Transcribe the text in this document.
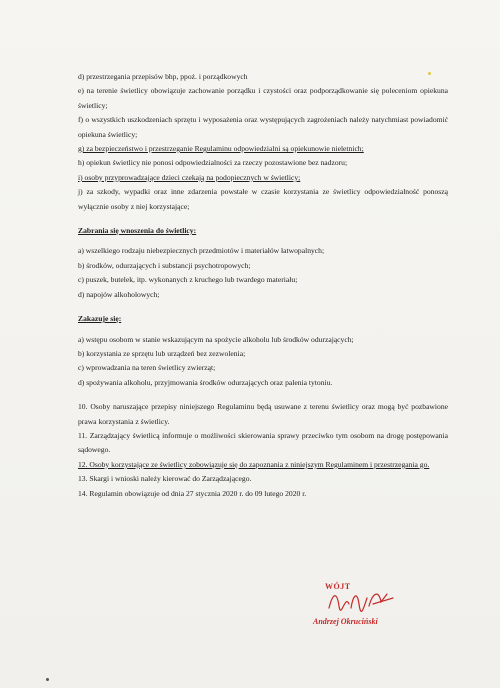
d) przestrzegania przepisów bhp, ppoż. i porządkowych

e) na terenie świetlicy obowiązuje zachowanie porządku i czystości oraz podporządkowanie się poleceniom opiekuna świetlicy;

f) o wszystkich uszkodzeniach sprzętu i wyposażenia oraz występujących zagrożeniach należy natychmiast powiadomić opiekuna świetlicy;

g) za bezpieczeństwo i przestrzeganie Regulaminu odpowiedzialni są opiekunowie nieletnich;

h) opiekun świetlicy nie ponosi odpowiedzialności za rzeczy pozostawione bez nadzoru;

i) osoby przyprowadzające dzieci czekają na podopiecznych w świetlicy;

j) za szkody, wypadki oraz inne zdarzenia powstałe w czasie korzystania ze świetlicy odpowiedzialność ponoszą wyłącznie osoby z niej korzystające;

Zabrania się wnoszenia do świetlicy:

a) wszelkiego rodzaju niebezpiecznych przedmiotów i materiałów łatwopalnych;

b) środków, odurzających i substancji psychotropowych;

c) puszek, butelek, itp. wykonanych z kruchego lub twardego materiału;

d) napojów alkoholowych;

Zakazuje się:

a) wstępu osobom w stanie wskazującym na spożycie alkoholu lub środków odurzających;

b) korzystania ze sprzętu lub urządzeń bez zezwolenia;

c) wprowadzania na teren świetlicy zwierząt;

d) spożywania alkoholu, przyjmowania środków odurzających oraz palenia tytoniu.

10. Osoby naruszające przepisy niniejszego Regulaminu będą usuwane z terenu świetlicy oraz mogą być pozbawione prawa korzystania z świetlicy.

11. Zarządzający świetlicą informuje o możliwości skierowania sprawy przeciwko tym osobom na drogę postępowania sądowego.

12. Osoby korzystające ze świetlicy zobowiązuje się do zapoznania z niniejszym Regulaminem i przestrzegania go.

13. Skargi i wnioski należy kierować do Zarządzającego.

14. Regulamin obowiązuje od dnia 27 stycznia 2020 r. do 09 lutego 2020 r.

WÓJT
Andrzej Okruciński
